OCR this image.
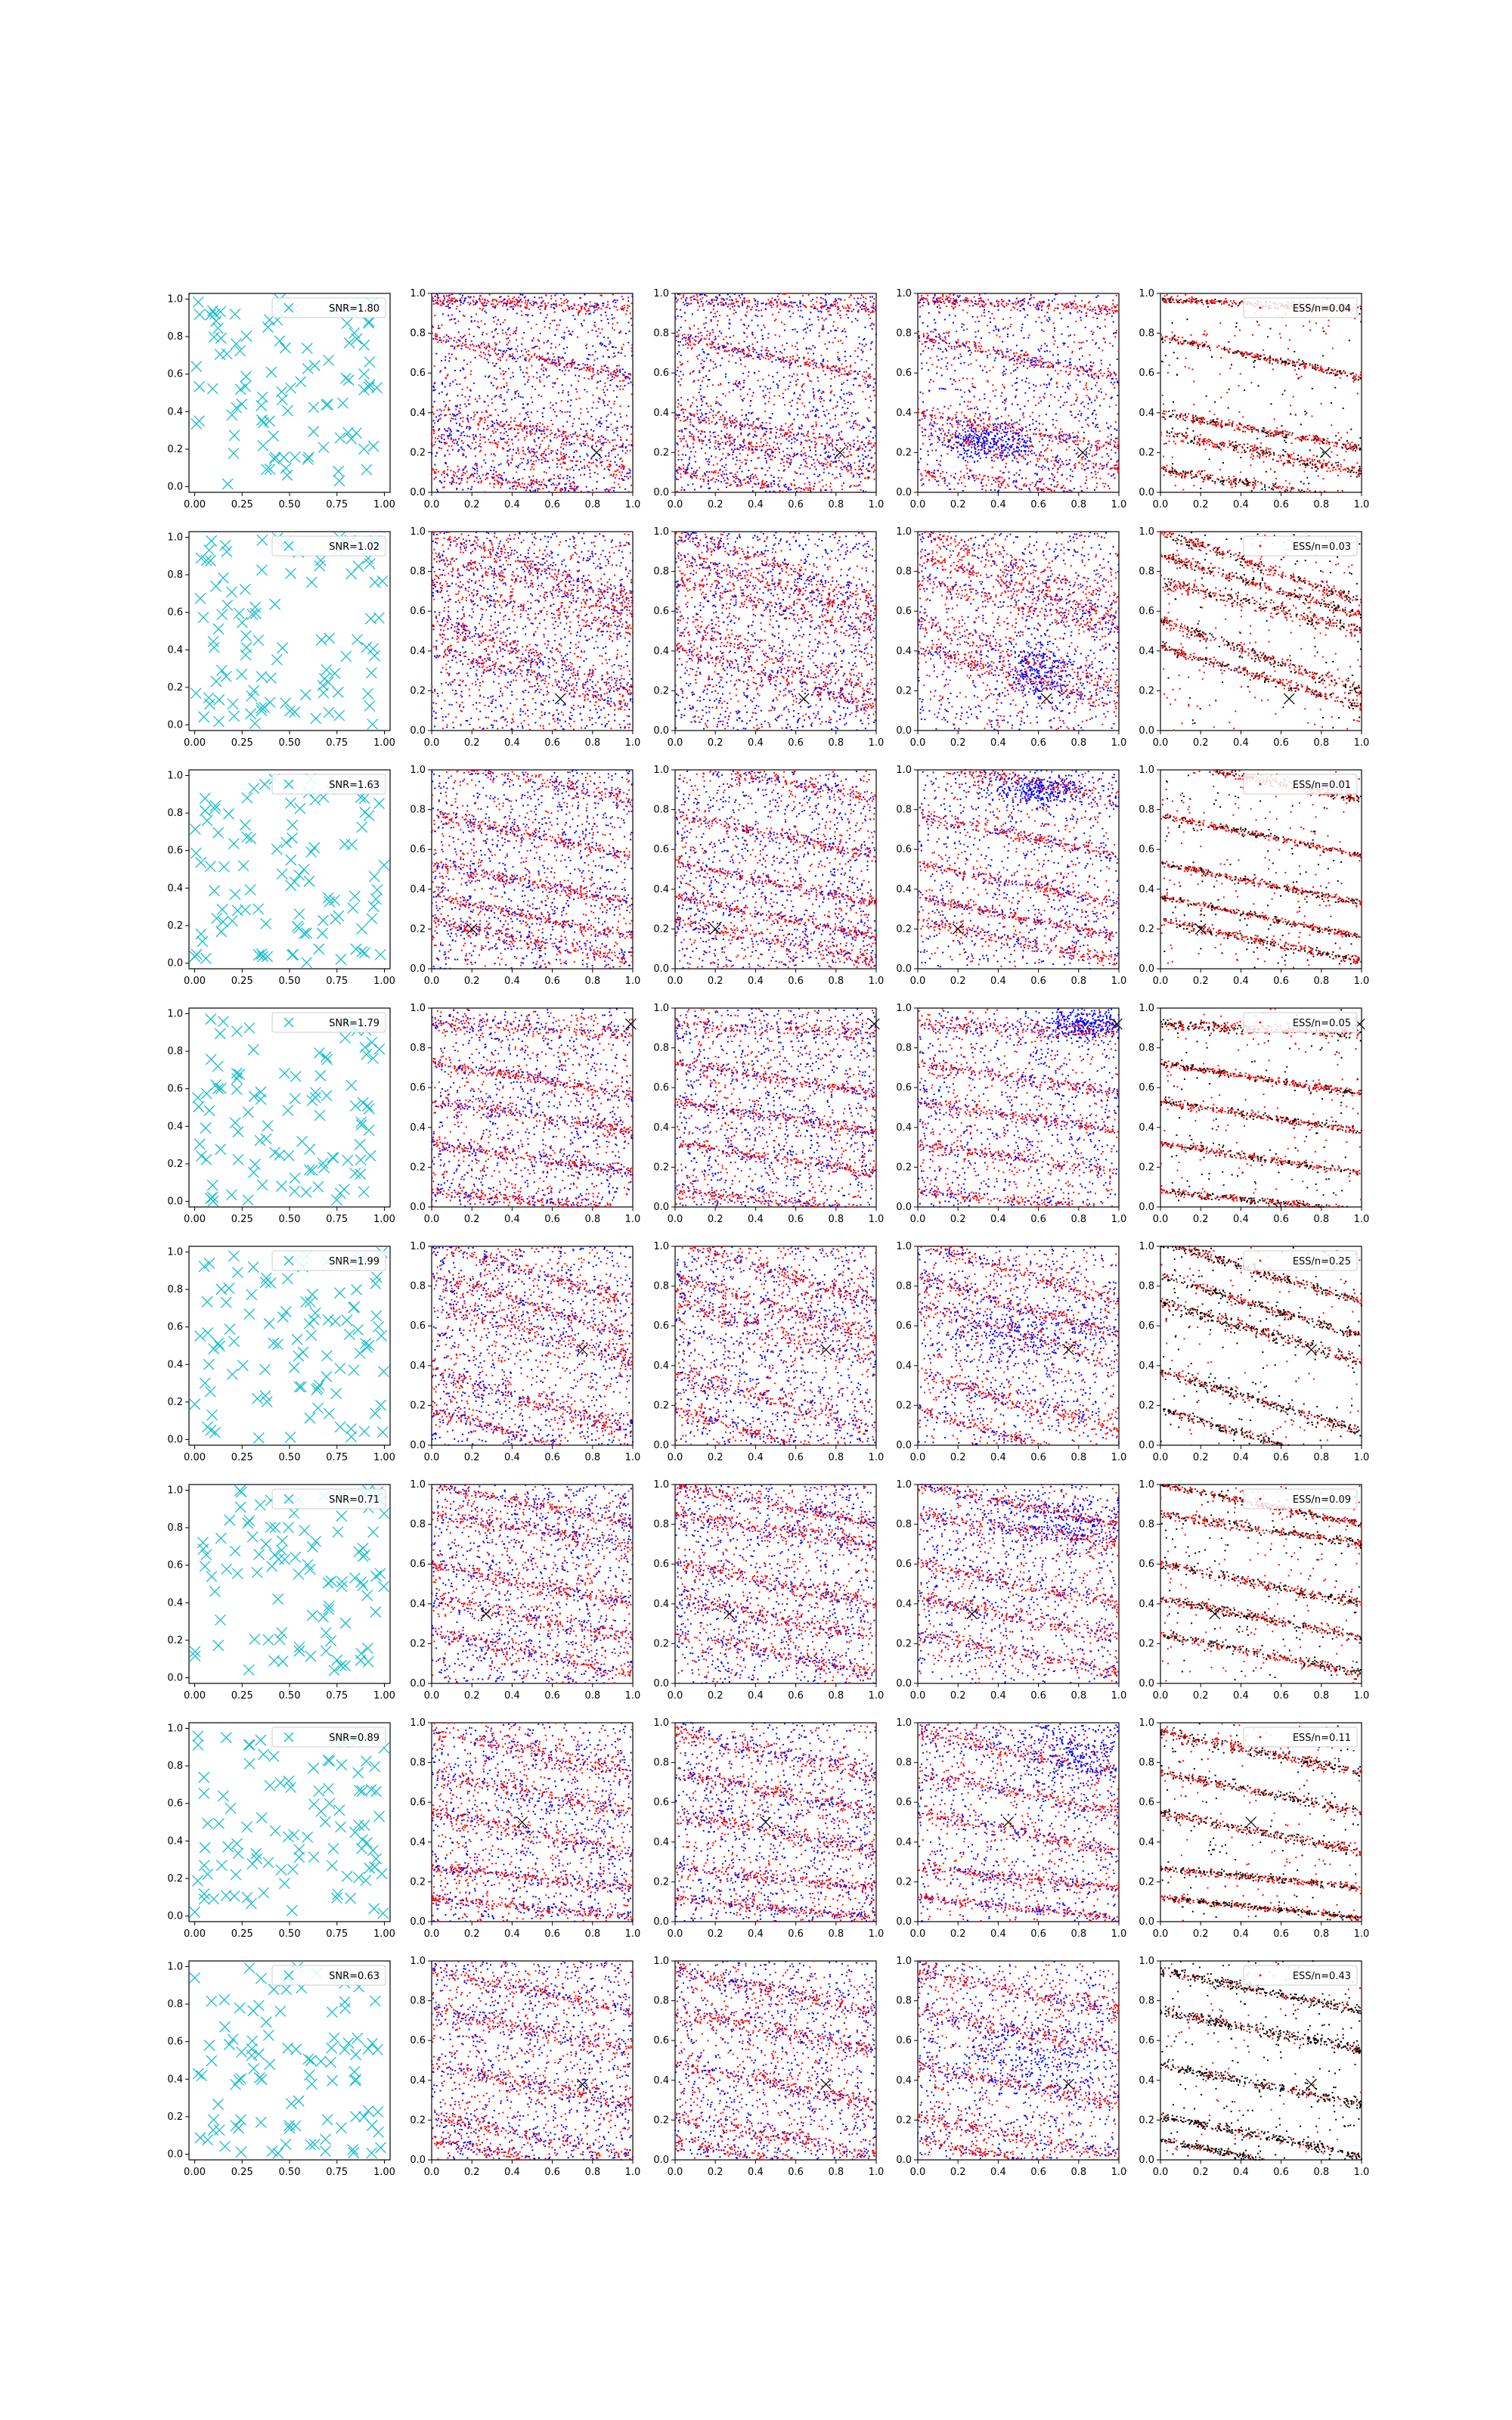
0.00	0.25	0.50	0.75	1.00
0.0
0.2
0.4
0.6
0.8
1.0
SNR=1.80
0.0	0.2	0.4	0.6	0.8	1.0
0.0
0.2
0.4
0.6
0.8
1.0
0.0	0.2	0.4	0.6	0.8	1.0
0.0
0.2
0.4
0.6
0.8
1.0
0.0	0.2	0.4	0.6	0.8	1.0
0.0
0.2
0.4
0.6
0.8
1.0
0.0	0.2	0.4	0.6	0.8	1.0
0.0
0.2
0.4
0.6
0.8
1.0
ESS/n=0.04
0.00	0.25	0.50	0.75	1.00
0.0
0.2
0.4
0.6
0.8
1.0
SNR=1.02
0.0	0.2	0.4	0.6	0.8	1.0
0.0
0.2
0.4
0.6
0.8
1.0
0.0	0.2	0.4	0.6	0.8	1.0
0.0
0.2
0.4
0.6
0.8
1.0
0.0	0.2	0.4	0.6	0.8	1.0
0.0
0.2
0.4
0.6
0.8
1.0
0.0	0.2	0.4	0.6	0.8	1.0
0.0
0.2
0.4
0.6
0.8
1.0
ESS/n=0.03
0.00	0.25	0.50	0.75	1.00
0.0
0.2
0.4
0.6
0.8
1.0
SNR=1.63
0.0	0.2	0.4	0.6	0.8	1.0
0.0
0.2
0.4
0.6
0.8
1.0
0.0	0.2	0.4	0.6	0.8	1.0
0.0
0.2
0.4
0.6
0.8
1.0
0.0	0.2	0.4	0.6	0.8	1.0
0.0
0.2
0.4
0.6
0.8
1.0
0.0	0.2	0.4	0.6	0.8	1.0
0.0
0.2
0.4
0.6
0.8
1.0
ESS/n=0.01
0.00	0.25	0.50	0.75	1.00
0.0
0.2
0.4
0.6
0.8
1.0
SNR=1.79
0.0	0.2	0.4	0.6	0.8	1.0
0.0
0.2
0.4
0.6
0.8
1.0
0.0	0.2	0.4	0.6	0.8	1.0
0.0
0.2
0.4
0.6
0.8
1.0
0.0	0.2	0.4	0.6	0.8	1.0
0.0
0.2
0.4
0.6
0.8
1.0
0.0	0.2	0.4	0.6	0.8	1.0
0.0
0.2
0.4
0.6
0.8
1.0
ESS/n=0.05
0.00	0.25	0.50	0.75	1.00
0.0
0.2
0.4
0.6
0.8
1.0
SNR=1.99
0.0	0.2	0.4	0.6	0.8	1.0
0.0
0.2
0.4
0.6
0.8
1.0
0.0	0.2	0.4	0.6	0.8	1.0
0.0
0.2
0.4
0.6
0.8
1.0
0.0	0.2	0.4	0.6	0.8	1.0
0.0
0.2
0.4
0.6
0.8
1.0
0.0	0.2	0.4	0.6	0.8	1.0
0.0
0.2
0.4
0.6
0.8
1.0
ESS/n=0.25
0.00	0.25	0.50	0.75	1.00
0.0
0.2
0.4
0.6
0.8
1.0
SNR=0.71
0.0	0.2	0.4	0.6	0.8	1.0
0.0
0.2
0.4
0.6
0.8
1.0
0.0	0.2	0.4	0.6	0.8	1.0
0.0
0.2
0.4
0.6
0.8
1.0
0.0	0.2	0.4	0.6	0.8	1.0
0.0
0.2
0.4
0.6
0.8
1.0
0.0	0.2	0.4	0.6	0.8	1.0
0.0
0.2
0.4
0.6
0.8
1.0
ESS/n=0.09
0.00	0.25	0.50	0.75	1.00
0.0
0.2
0.4
0.6
0.8
1.0
SNR=0.89
0.0	0.2	0.4	0.6	0.8	1.0
0.0
0.2
0.4
0.6
0.8
1.0
0.0	0.2	0.4	0.6	0.8	1.0
0.0
0.2
0.4
0.6
0.8
1.0
0.0	0.2	0.4	0.6	0.8	1.0
0.0
0.2
0.4
0.6
0.8
1.0
0.0	0.2	0.4	0.6	0.8	1.0
0.0
0.2
0.4
0.6
0.8
1.0
ESS/n=0.11
0.00	0.25	0.50	0.75	1.00
0.0
0.2
0.4
0.6
0.8
1.0
SNR=0.63
0.0	0.2	0.4	0.6	0.8	1.0
0.0
0.2
0.4
0.6
0.8
1.0
0.0	0.2	0.4	0.6	0.8	1.0
0.0
0.2
0.4
0.6
0.8
1.0
0.0	0.2	0.4	0.6	0.8	1.0
0.0
0.2
0.4
0.6
0.8
1.0
0.0	0.2	0.4	0.6	0.8	1.0
0.0
0.2
0.4
0.6
0.8
1.0
ESS/n=0.43
